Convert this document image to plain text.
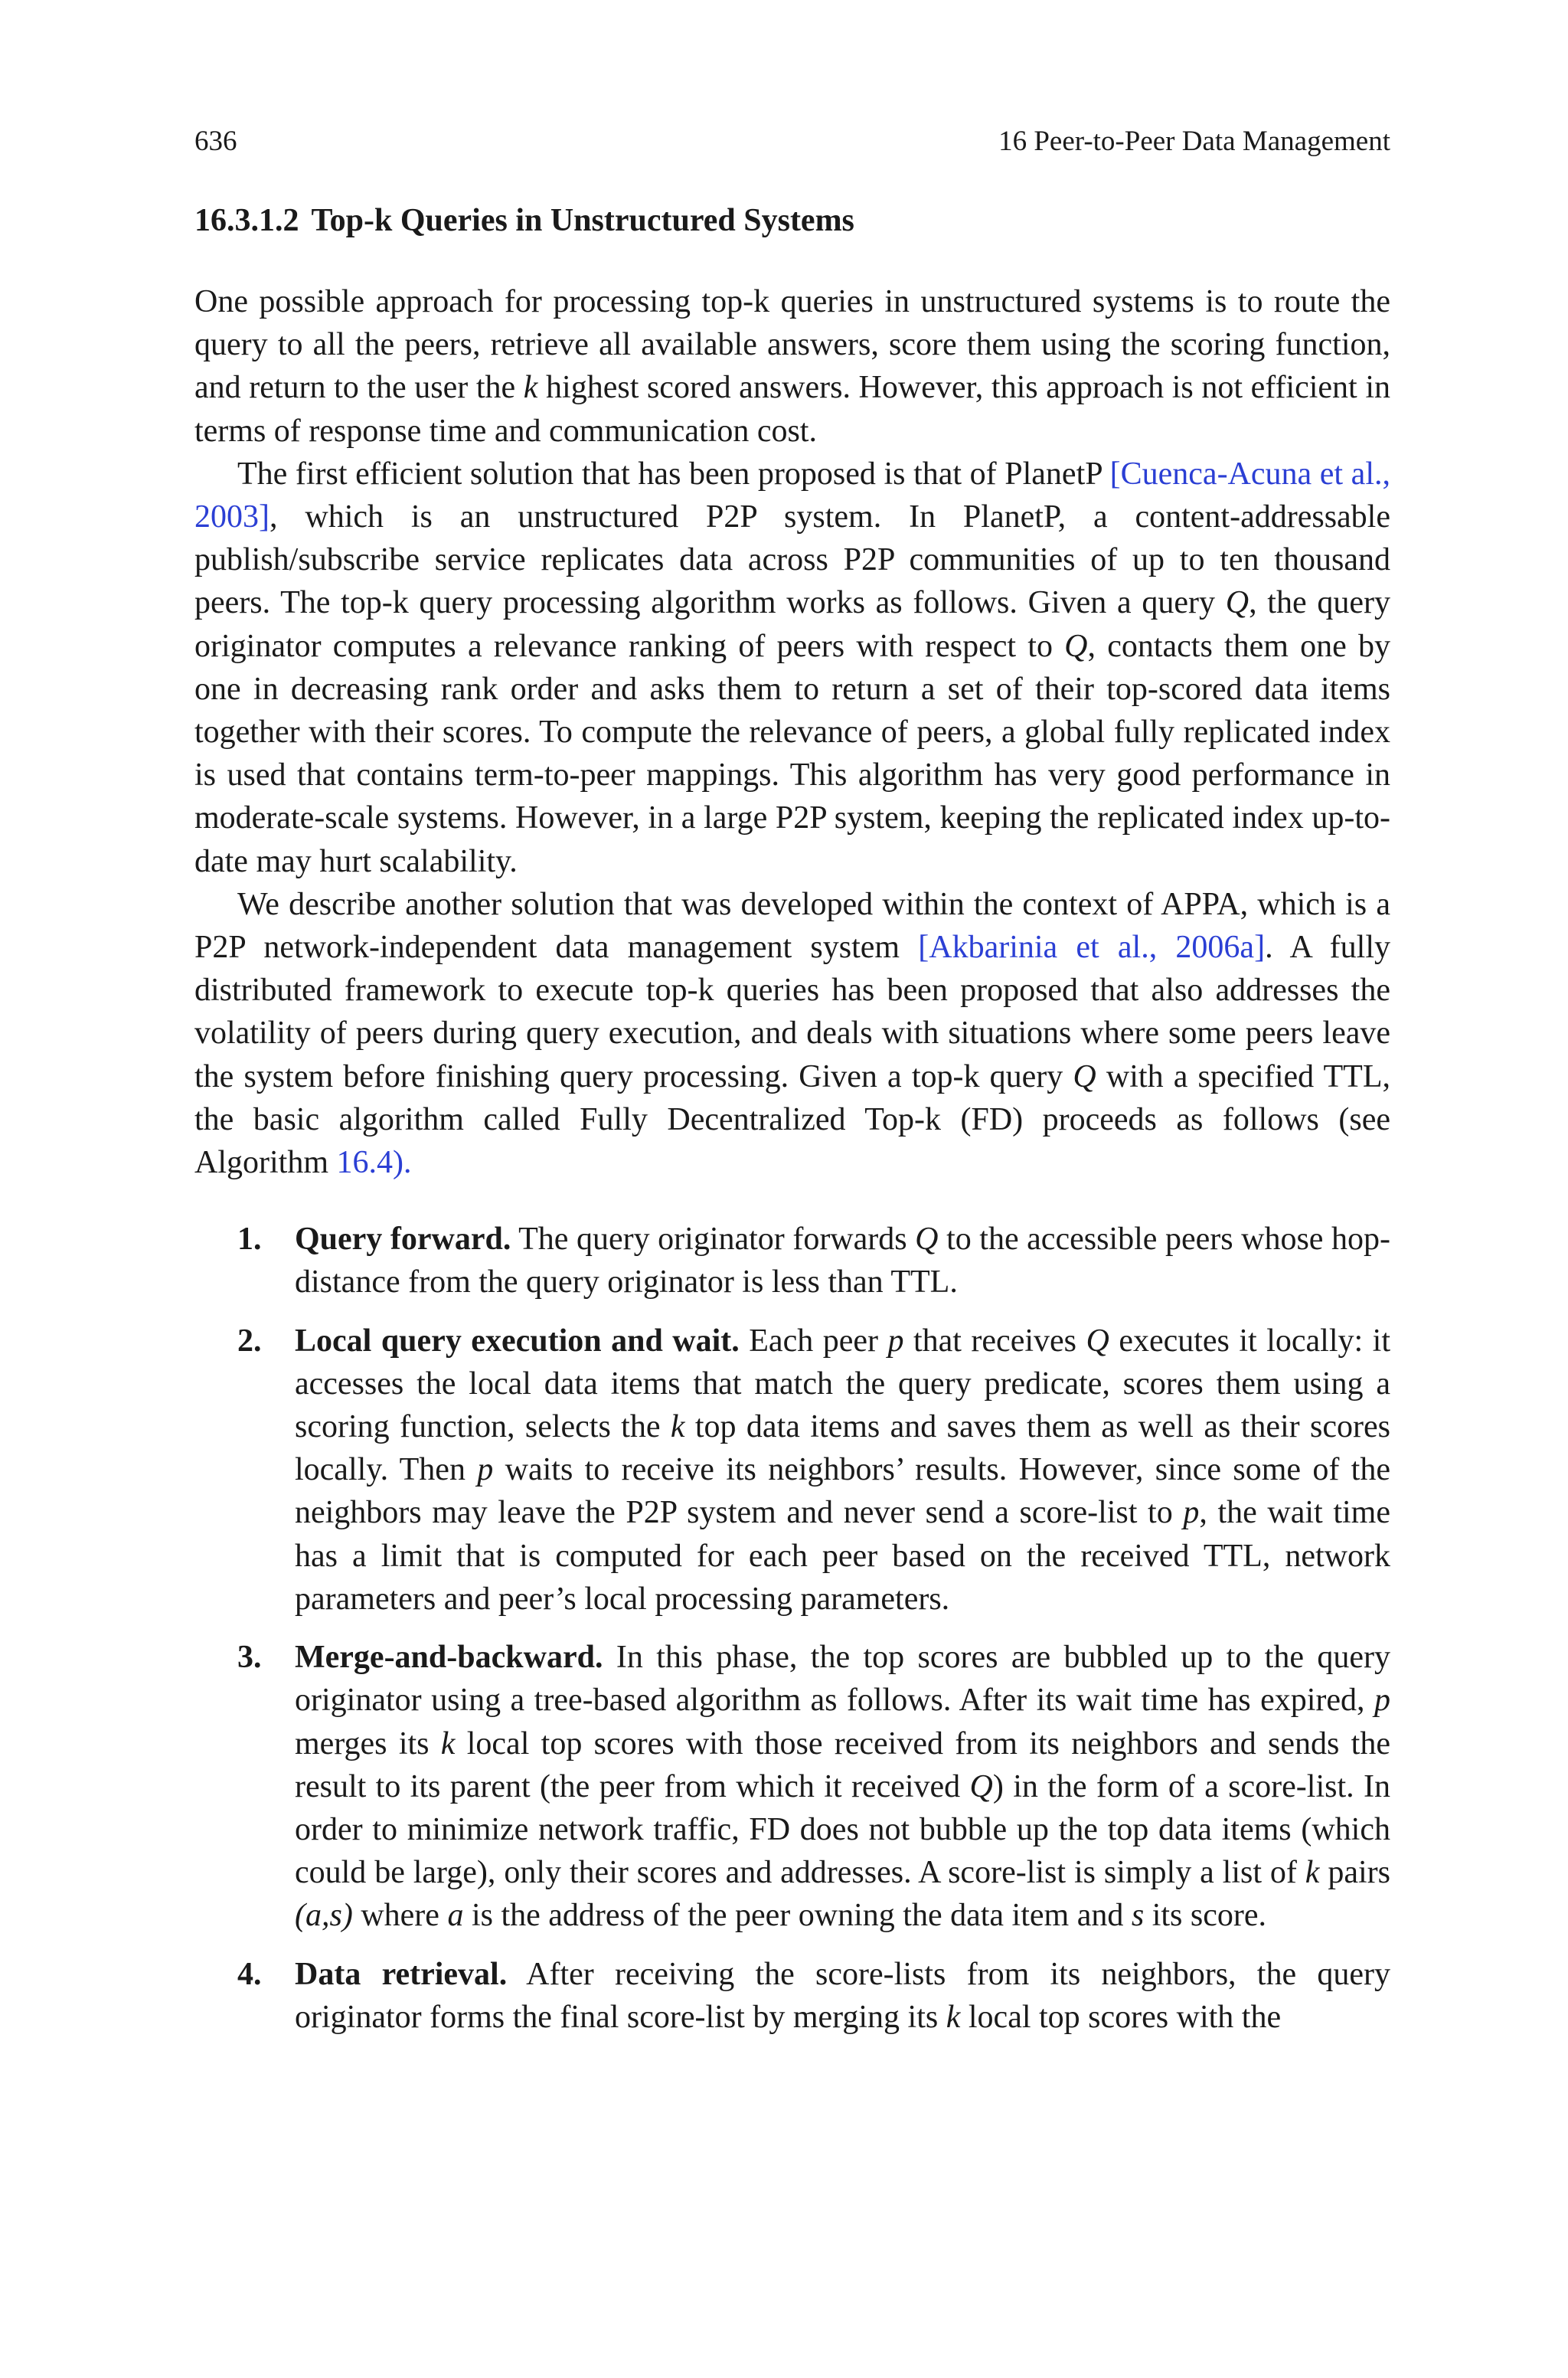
636	16 Peer-to-Peer Data Management
16.3.1.2 Top-k Queries in Unstructured Systems

One possible approach for processing top-k queries in unstructured systems is to route the query to all the peers, retrieve all available answers, score them using the scoring function, and return to the user the k highest scored answers. However, this approach is not efficient in terms of response time and communication cost.

The first efficient solution that has been proposed is that of PlanetP [Cuenca-Acuna et al., 2003], which is an unstructured P2P system. In PlanetP, a content-addressable publish/subscribe service replicates data across P2P communities of up to ten thousand peers. The top-k query processing algorithm works as follows. Given a query Q, the query originator computes a relevance ranking of peers with respect to Q, contacts them one by one in decreasing rank order and asks them to return a set of their top-scored data items together with their scores. To compute the relevance of peers, a global fully replicated index is used that contains term-to-peer mappings. This algorithm has very good performance in moderate-scale systems. However, in a large P2P system, keeping the replicated index up-to-date may hurt scalability.

We describe another solution that was developed within the context of APPA, which is a P2P network-independent data management system [Akbarinia et al., 2006a]. A fully distributed framework to execute top-k queries has been proposed that also addresses the volatility of peers during query execution, and deals with situations where some peers leave the system before finishing query processing. Given a top-k query Q with a specified TTL, the basic algorithm called Fully Decentralized Top-k (FD) proceeds as follows (see Algorithm 16.4).

1. Query forward. The query originator forwards Q to the accessible peers whose hop-distance from the query originator is less than TTL.
2. Local query execution and wait. Each peer p that receives Q executes it locally: it accesses the local data items that match the query predicate, scores them using a scoring function, selects the k top data items and saves them as well as their scores locally. Then p waits to receive its neighbors’ results. However, since some of the neighbors may leave the P2P system and never send a score-list to p, the wait time has a limit that is computed for each peer based on the received TTL, network parameters and peer’s local processing parameters.
3. Merge-and-backward. In this phase, the top scores are bubbled up to the query originator using a tree-based algorithm as follows. After its wait time has expired, p merges its k local top scores with those received from its neighbors and sends the result to its parent (the peer from which it received Q) in the form of a score-list. In order to minimize network traffic, FD does not bubble up the top data items (which could be large), only their scores and addresses. A score-list is simply a list of k pairs (a,s) where a is the address of the peer owning the data item and s its score.
4. Data retrieval. After receiving the score-lists from its neighbors, the query originator forms the final score-list by merging its k local top scores with the
